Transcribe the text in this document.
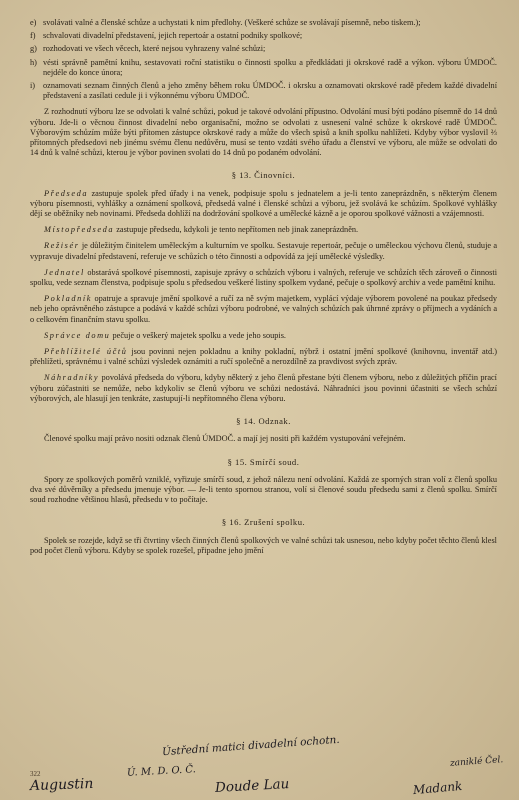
e) svolávati valné a členské schůze a uchystati k nim předlohy. (Veškeré schůze se svolávají písemně, nebo tiskem.);
f) schvalovati divadelní představení, jejich repertoár a ostatní podniky spolkové;
g) rozhodovati ve všech věcech, které nejsou vyhrazeny valné schůzi;
h) vésti správně pamětní knihu, sestavovati roční statistiku o činnosti spolku a předkládati ji okrskové radě a výkon. výboru ÚMDOČ. nejdéle do konce února;
i) oznamovati seznam činných členů a jeho změny během roku ÚMDOČ. i okrsku a oznamovati okrskové radě předem každé divadelní představení a zasílati cedule ji i výkonnému výboru ÚMDOČ.

Z rozhodnutí výboru lze se odvolati k valné schůzi, pokud je takové odvolání přípustno. Odvolání musí býti podáno písemně do 14 dnů výboru. Jde-li o věcnou činnost divadelní nebo organisační, možno se odvolati z usnesení valné schůze k okrskové radě ÚMDOČ. Výborovým schůzím může býti přítomen zástupce okrskové rady a může do všech spisů a knih spolku nahlížeti. Kdyby výbor vyslovil ⅔ přítomných předsedovi neb jinému svému členu nedůvěru, musí se tento vzdáti svého úřadu a členství ve výboru, ale může se odvolati do 14 dnů k valné schůzi, kterou je výbor povinen svolati do 14 dnů po podaném odvolání.

§ 13. Činovníci.

Předseda zastupuje spolek před úřady i na venek, podpisuje spolu s jednatelem a je-li tento zaneprázdněn, s některým členem výboru písemnosti, vyhlášky a oznámení spolková, předsedá valné i členské schůzi a výboru, jež svolává ke schůzím. Spolkové vyhlášky dějí se oběžníky neb novinami. Předseda dohlíží na dodržování spolkové a umělecké kázně a je oporou spolkové vážnosti a vzájemnosti.

Místopředseda zastupuje předsedu, kdykoli je tento nepřítomen neb jinak zaneprázdněn.

Režisér je důležitým činitelem uměleckým a kulturním ve spolku. Sestavuje repertoár, pečuje o uměleckou výchovu členů, studuje a vypravuje divadelní představení, referuje ve schůzích o této činnosti a odpovídá za její umělecké výsledky.

Jednatel obstarává spolkové písemnosti, zapisuje zprávy o schůzích výboru i valných, referuje ve schůzích těch zároveň o činnosti spolku, vede seznam členstva, podpisuje spolu s předsedou veškeré listiny spolkem vydané, pečuje o spolkový archiv a vede pamětní knihu.

Pokladník opatruje a spravuje jmění spolkové a ručí za ně svým majetkem, vyplácí výdaje výborem povolené na poukaz předsedy neb jeho oprávněného zástupce a podává v každé schůzi výboru podrobné, ve valných schůzích pak úhrnné zprávy o příjmech a vydáních a o celkovém finančním stavu spolku.

Správce domu pečuje o veškerý majetek spolku a vede jeho soupis.

Přehlížitelé účtů jsou povinni nejen pokladnu a knihy pokladní, nýbrž i ostatní jmění spolkové (knihovnu, inventář atd.) přehlížeti, správnému i valné schůzi výsledek oznámiti a ručí společně a nerozdílně za pravdivost svých zpráv.

Náhradníky povolává předseda do výboru, kdyby některý z jeho členů přestane býti členem výboru, nebo z důležitých příčin prací výboru zúčastniti se nemůže, nebo kdykoliv se členů výboru ve schůzi nedostává. Náhradníci jsou povinni účastniti se všech schůzí výborových, ale hlasují jen tenkráte, zastupují-li nepřítomného člena výboru.

§ 14. Odznak.

Členové spolku mají právo nositi odznak členů ÚMDOČ. a mají jej nositi při každém vystupování veřejném.

§ 15. Smírčí soud.

Spory ze spolkových poměrů vzniklé, vyřizuje smírčí soud, z jehož nálezu není odvolání. Každá ze sporných stran volí z členů spolku dva své důvěrníky a předsedu jmenuje výbor. — Je-li tento spornou stranou, volí si členové soudu předsedu sami z členů spolku. Smírčí soud rozhodne většinou hlasů, předsedu v to počítaje.

§ 16. Zrušení spolku.

Spolek se rozejde, když se tři čtvrtiny všech činných členů spolkových ve valné schůzi tak usnesou, nebo kdyby počet těchto členů klesl pod počet členů výboru. Kdyby se spolek rozešel, připadne jeho jmění

Ústřední matici divadelní ochotn.
zaniklé Čel.
Ú. M. D. O. Č.
322
Augustin	Doude Lau	Madank
